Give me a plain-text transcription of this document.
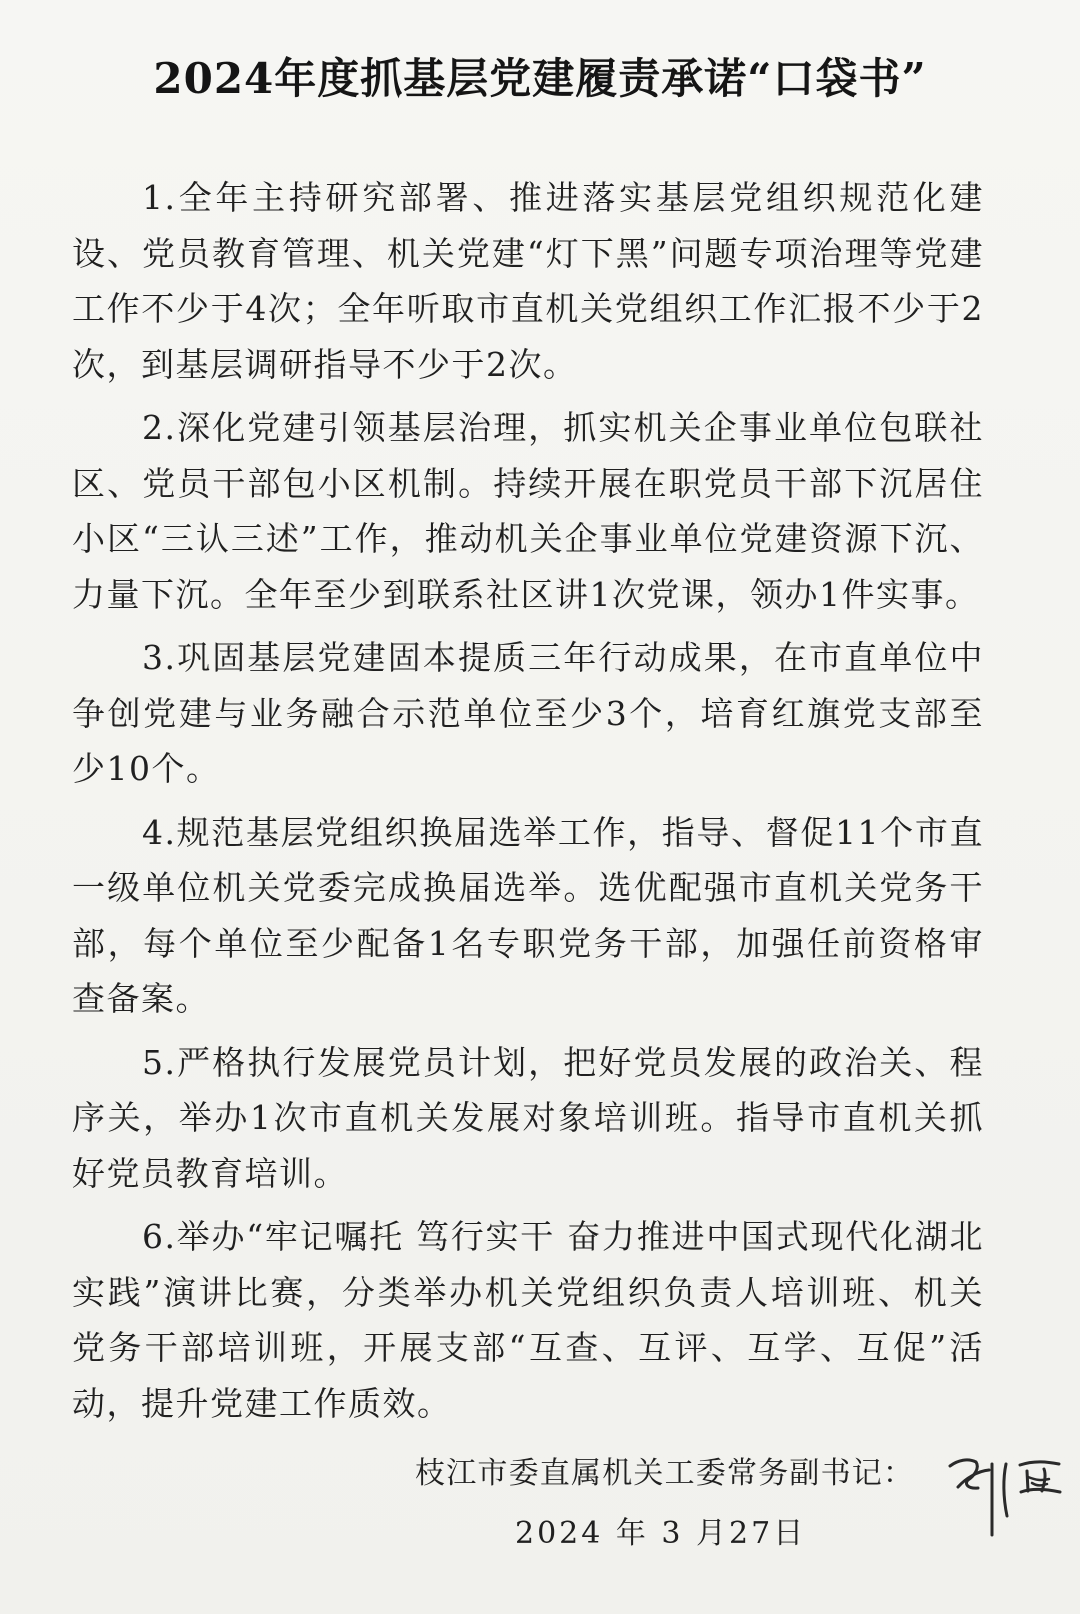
2024年度抓基层党建履责承诺“口袋书”

1.全年主持研究部署、推进落实基层党组织规范化建设、党员教育管理、机关党建“灯下黑”问题专项治理等党建工作不少于4次；全年听取市直机关党组织工作汇报不少于2次，到基层调研指导不少于2次。

2.深化党建引领基层治理，抓实机关企事业单位包联社区、党员干部包小区机制。持续开展在职党员干部下沉居住小区“三认三述”工作，推动机关企事业单位党建资源下沉、力量下沉。全年至少到联系社区讲1次党课，领办1件实事。

3.巩固基层党建固本提质三年行动成果，在市直单位中争创党建与业务融合示范单位至少3个，培育红旗党支部至少10个。

4.规范基层党组织换届选举工作，指导、督促11个市直一级单位机关党委完成换届选举。选优配强市直机关党务干部，每个单位至少配备1名专职党务干部，加强任前资格审查备案。

5.严格执行发展党员计划，把好党员发展的政治关、程序关，举办1次市直机关发展对象培训班。指导市直机关抓好党员教育培训。

6.举办“牢记嘱托 笃行实干 奋力推进中国式现代化湖北实践”演讲比赛，分类举办机关党组织负责人培训班、机关党务干部培训班，开展支部“互查、互评、互学、互促”活动，提升党建工作质效。

枝江市委直属机关工委常务副书记：
2024 年 3 月27日
